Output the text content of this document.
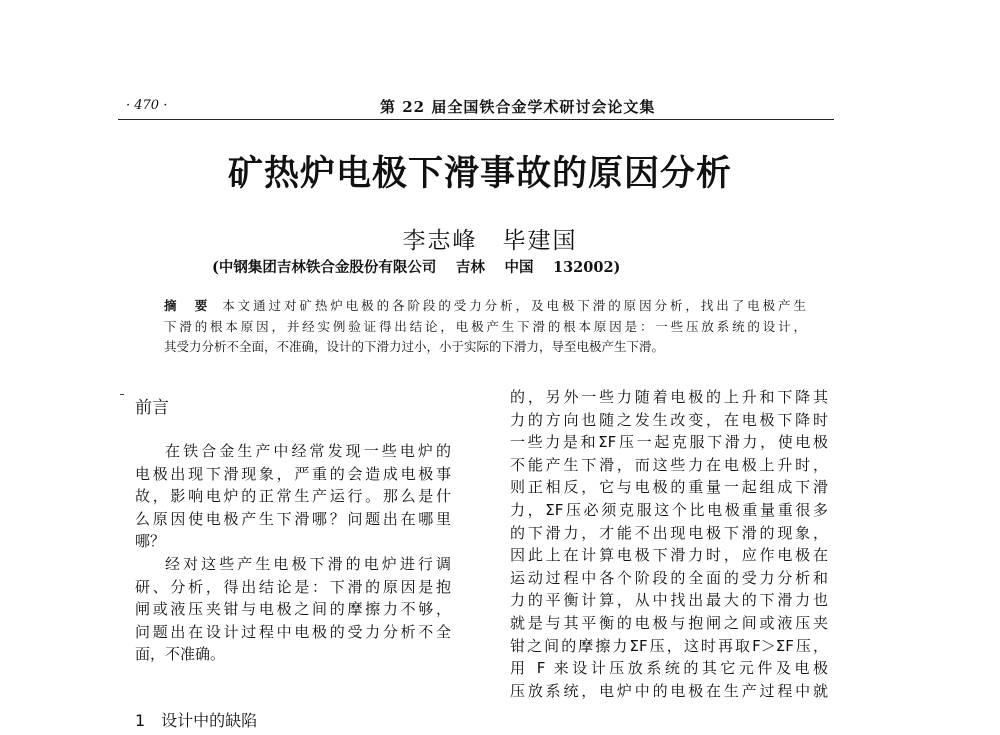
· 470 ·	第 22 届全国铁合金学术研讨会论文集
矿热炉电极下滑事故的原因分析
李志峰　毕建国
(中钢集团吉林铁合金股份有限公司　 吉林　 中国　 132002)
摘 要 本文通过对矿热炉电极的各阶段的受力分析，及电极下滑的原因分析，找出了电极产生
下滑的根本原因，并经实例验证得出结论，电极产生下滑的根本原因是：一些压放系统的设计，
其受力分析不全面，不准确，设计的下滑力过小，小于实际的下滑力，导至电极产生下滑。
前言
在铁合金生产中经常发现一些电炉的
电极出现下滑现象，严重的会造成电极事
故，影响电炉的正常生产运行。那么是什
么原因使电极产生下滑哪？问题出在哪里
哪？
经对这些产生电极下滑的电炉进行调
研、分析，得出结论是：下滑的原因是抱
闸或液压夹钳与电极之间的摩擦力不够，
问题出在设计过程中电极的受力分析不全
面，不准确。
1　设计中的缺陷
的，另外一些力随着电极的上升和下降其
力的方向也随之发生改变，在电极下降时
一些力是和ΣF压一起克服下滑力，使电极
不能产生下滑，而这些力在电极上升时，
则正相反，它与电极的重量一起组成下滑
力，ΣF压必须克服这个比电极重量重很多
的下滑力，才能不出现电极下滑的现象，
因此上在计算电极下滑力时，应作电极在
运动过程中各个阶段的全面的受力分析和
力的平衡计算，从中找出最大的下滑力也
就是与其平衡的电极与抱闸之间或液压夹
钳之间的摩擦力ΣF压，这时再取F＞ΣF压，
用 F 来设计压放系统的其它元件及电极
压放系统，电炉中的电极在生产过程中就
